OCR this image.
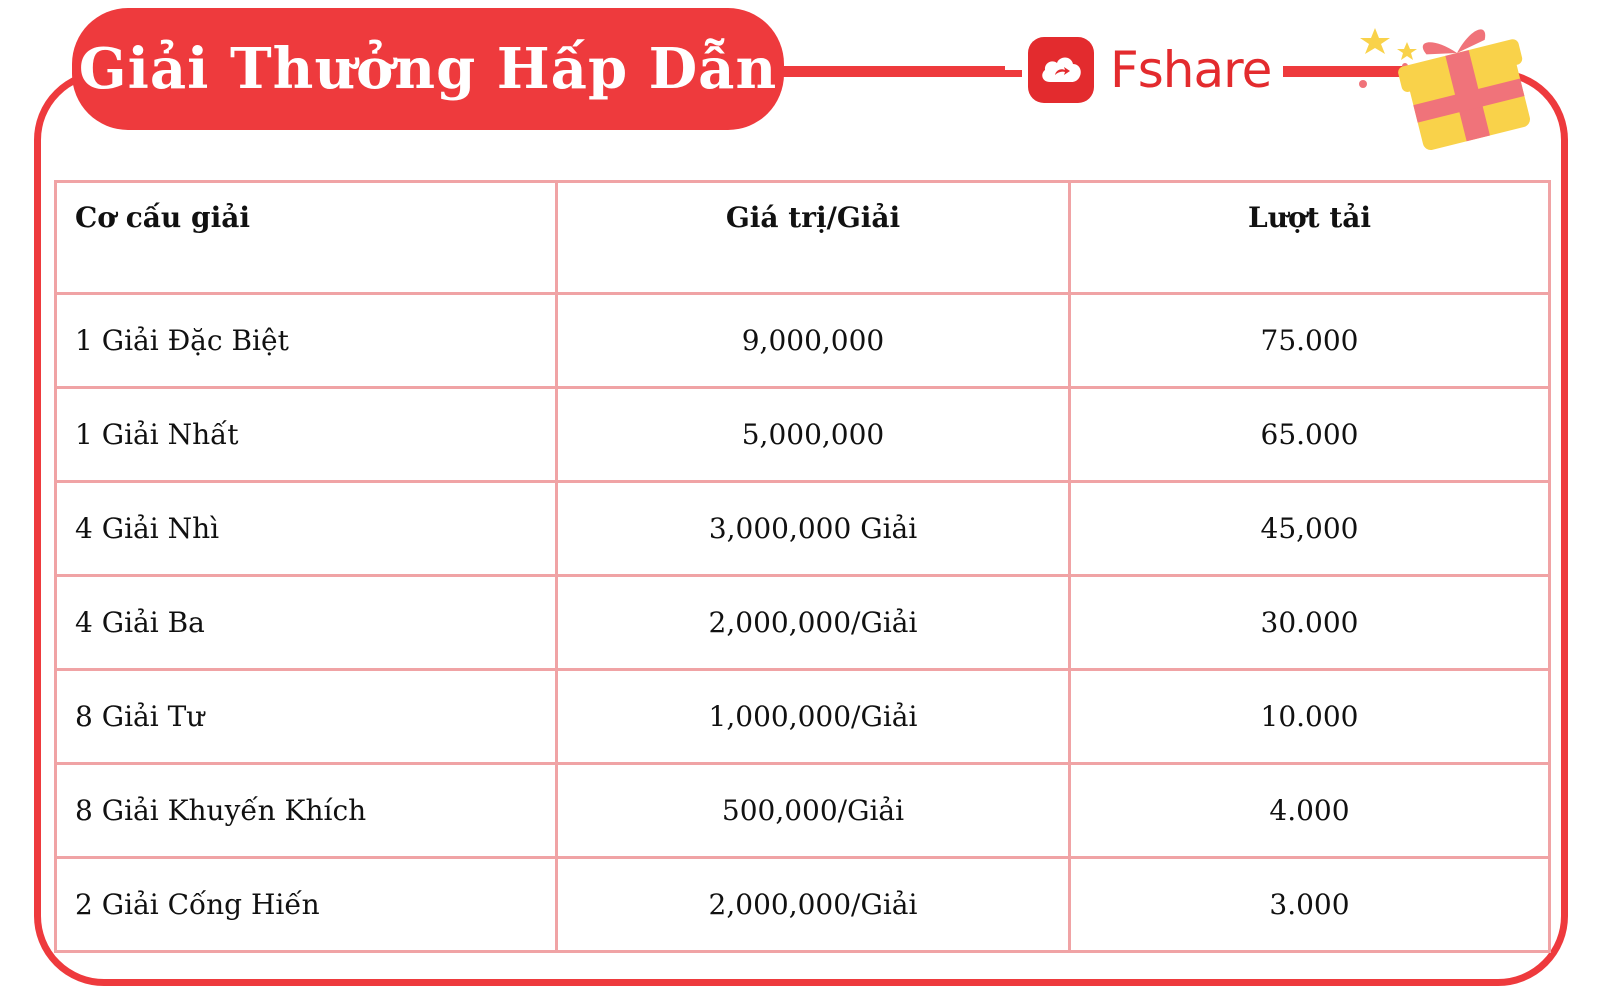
Giải Thưởng Hấp Dẫn	Fshare
Cơ cấu giải	Giá trị/Giải	Lượt tải
1 Giải Đặc Biệt	9,000,000	75.000
1 Giải Nhất	5,000,000	65.000
4 Giải Nhì	3,000,000 Giải	45,000
4 Giải Ba	2,000,000/Giải	30.000
8 Giải Tư	1,000,000/Giải	10.000
8 Giải Khuyến Khích	500,000/Giải	4.000
2 Giải Cống Hiến	2,000,000/Giải	3.000
